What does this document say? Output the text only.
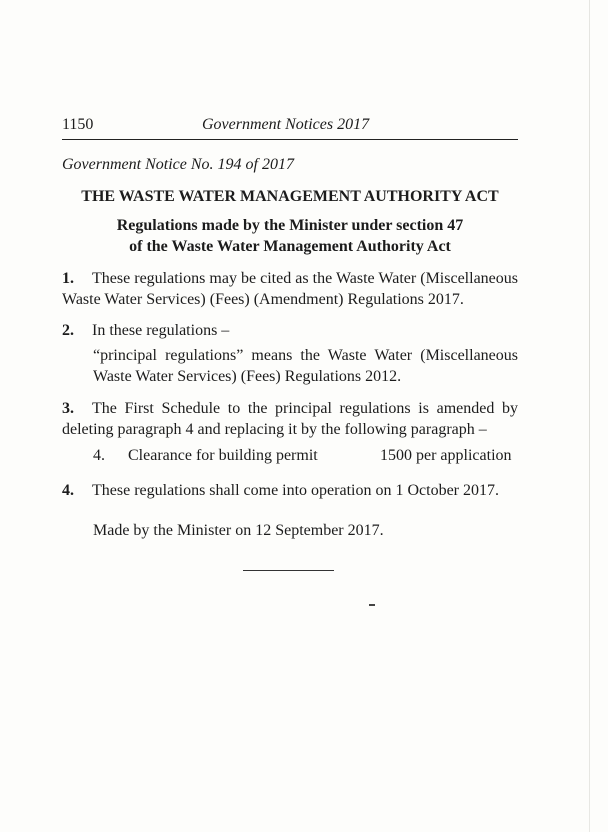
1150	Government Notices 2017
Government Notice No. 194 of 2017
THE WASTE WATER MANAGEMENT AUTHORITY ACT
Regulations made by the Minister under section 47
of the Waste Water Management Authority Act
1. These regulations may be cited as the Waste Water (Miscellaneous Waste Water Services) (Fees) (Amendment) Regulations 2017.
2. In these regulations –
“principal regulations” means the Waste Water (Miscellaneous Waste Water Services) (Fees) Regulations 2012.
3. The First Schedule to the principal regulations is amended by deleting paragraph 4 and replacing it by the following paragraph –
4. Clearance for building permit	1500 per application
4. These regulations shall come into operation on 1 October 2017.
Made by the Minister on 12 September 2017.
